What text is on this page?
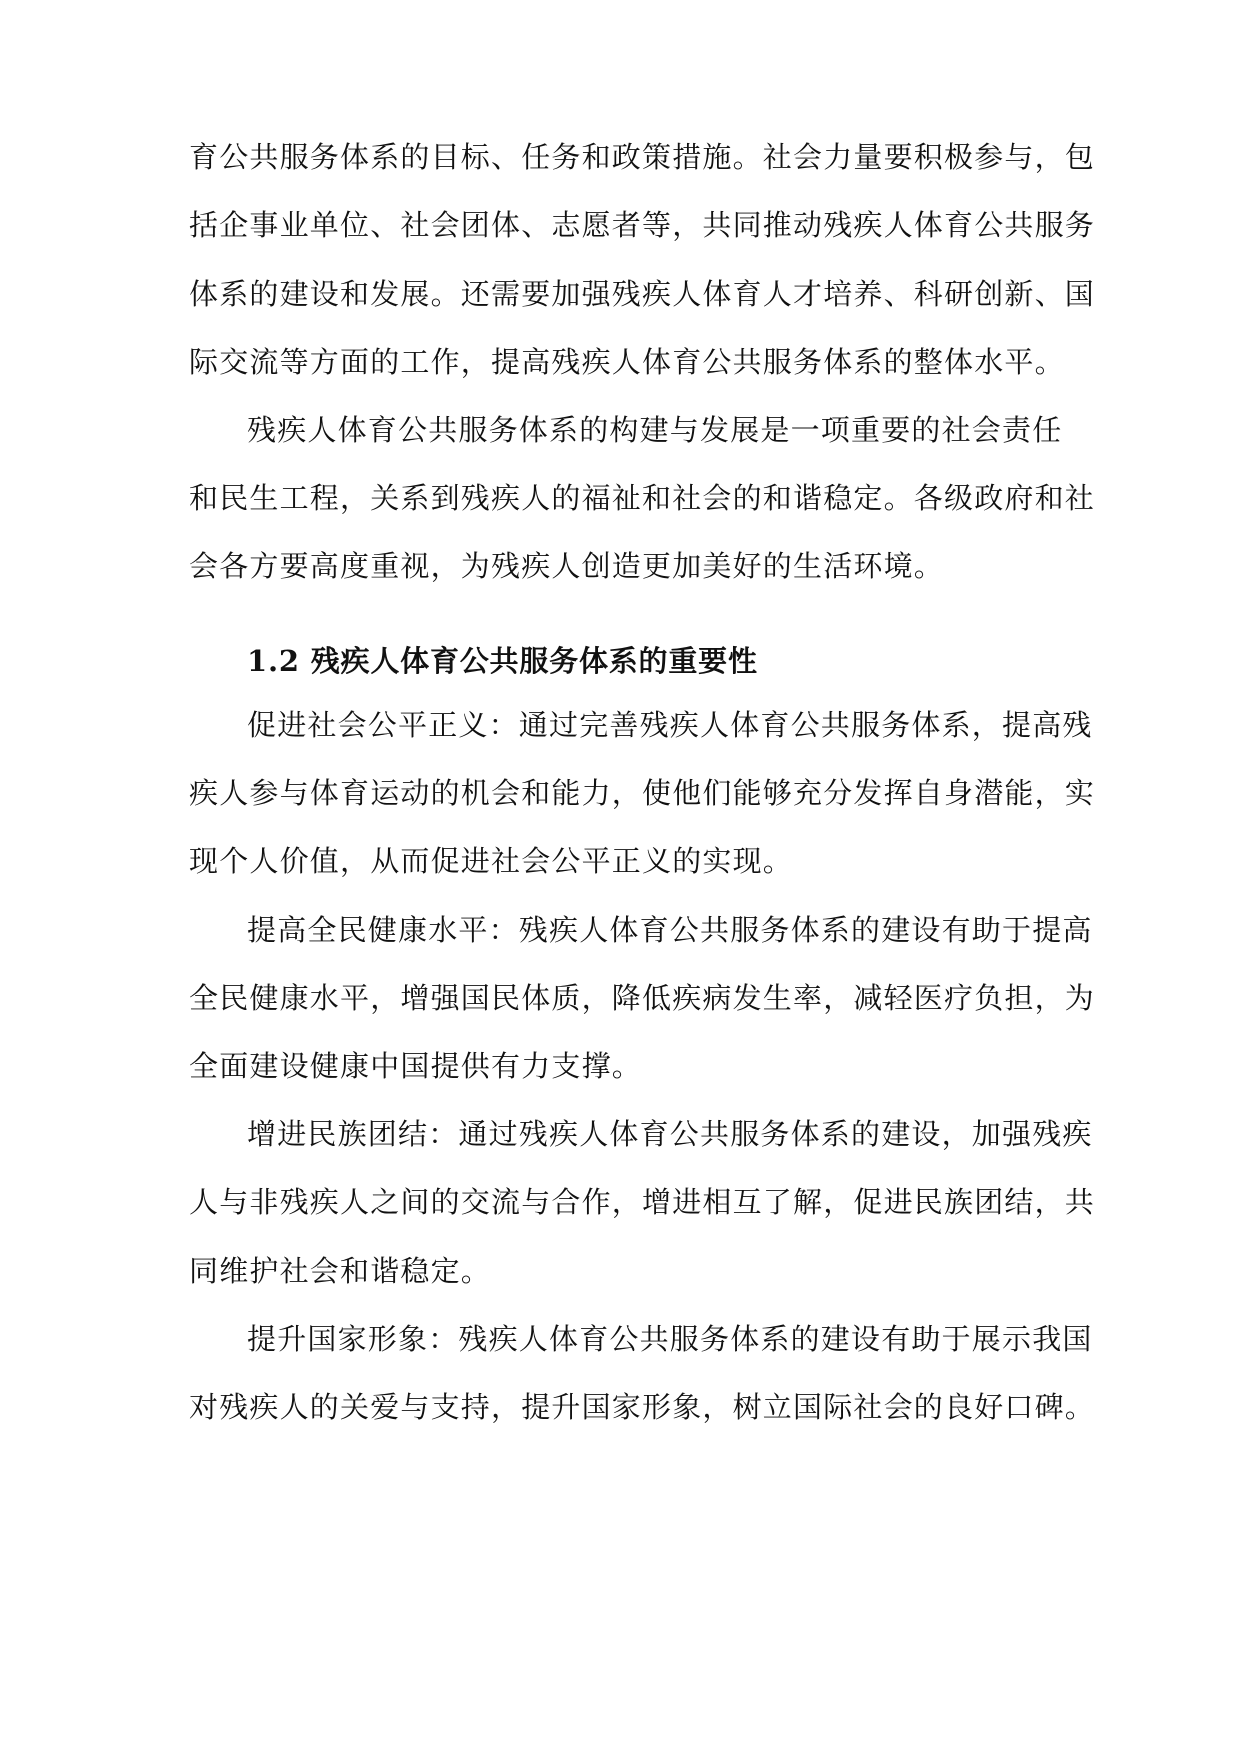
育公共服务体系的目标、任务和政策措施。社会力量要积极参与，包
括企事业单位、社会团体、志愿者等，共同推动残疾人体育公共服务
体系的建设和发展。还需要加强残疾人体育人才培养、科研创新、国
际交流等方面的工作，提高残疾人体育公共服务体系的整体水平。
残疾人体育公共服务体系的构建与发展是一项重要的社会责任
和民生工程，关系到残疾人的福祉和社会的和谐稳定。各级政府和社
会各方要高度重视，为残疾人创造更加美好的生活环境。
1.2 残疾人体育公共服务体系的重要性
促进社会公平正义：通过完善残疾人体育公共服务体系，提高残
疾人参与体育运动的机会和能力，使他们能够充分发挥自身潜能，实
现个人价值，从而促进社会公平正义的实现。
提高全民健康水平：残疾人体育公共服务体系的建设有助于提高
全民健康水平，增强国民体质，降低疾病发生率，减轻医疗负担，为
全面建设健康中国提供有力支撑。
增进民族团结：通过残疾人体育公共服务体系的建设，加强残疾
人与非残疾人之间的交流与合作，增进相互了解，促进民族团结，共
同维护社会和谐稳定。
提升国家形象：残疾人体育公共服务体系的建设有助于展示我国
对残疾人的关爱与支持，提升国家形象，树立国际社会的良好口碑。
